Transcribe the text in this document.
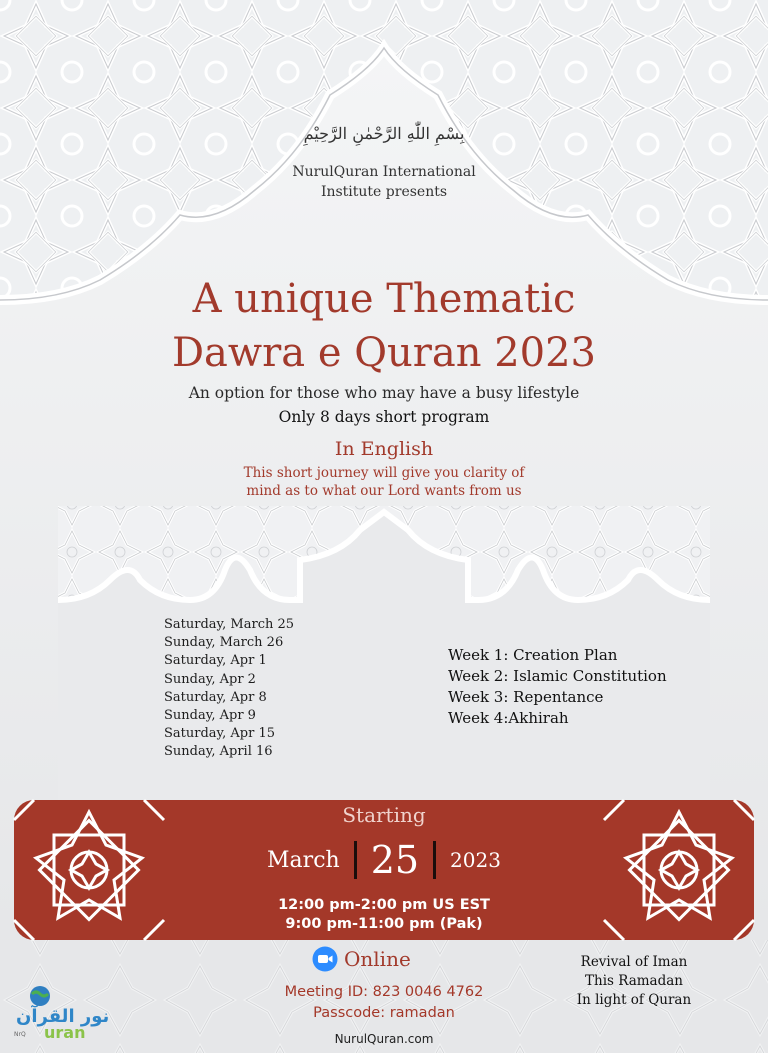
بِسْمِ اللّٰهِ الرَّحْمٰنِ الرَّحِيْمِ
NurulQuran International
Institute presents
A unique Thematic
Dawra e Quran 2023
An option for those who may have a busy lifestyle
Only 8 days short program
In English
This short journey will give you clarity of
mind as to what our Lord wants from us
Saturday, March 25
Sunday, March 26
Saturday, Apr 1
Sunday, Apr 2
Saturday, Apr 8
Sunday, Apr 9
Saturday, Apr 15
Sunday, April 16
Week 1: Creation Plan
Week 2: Islamic Constitution
Week 3: Repentance
Week 4:Akhirah
Starting
March 25 2023
12:00 pm-2:00 pm US EST
9:00 pm-11:00 pm (Pak)
Online
Meeting ID: 823 0046 4762
Passcode: ramadan
NurulQuran.com
Revival of Iman
This Ramadan
In light of Quran
نور القرآن
uran
NrQ
